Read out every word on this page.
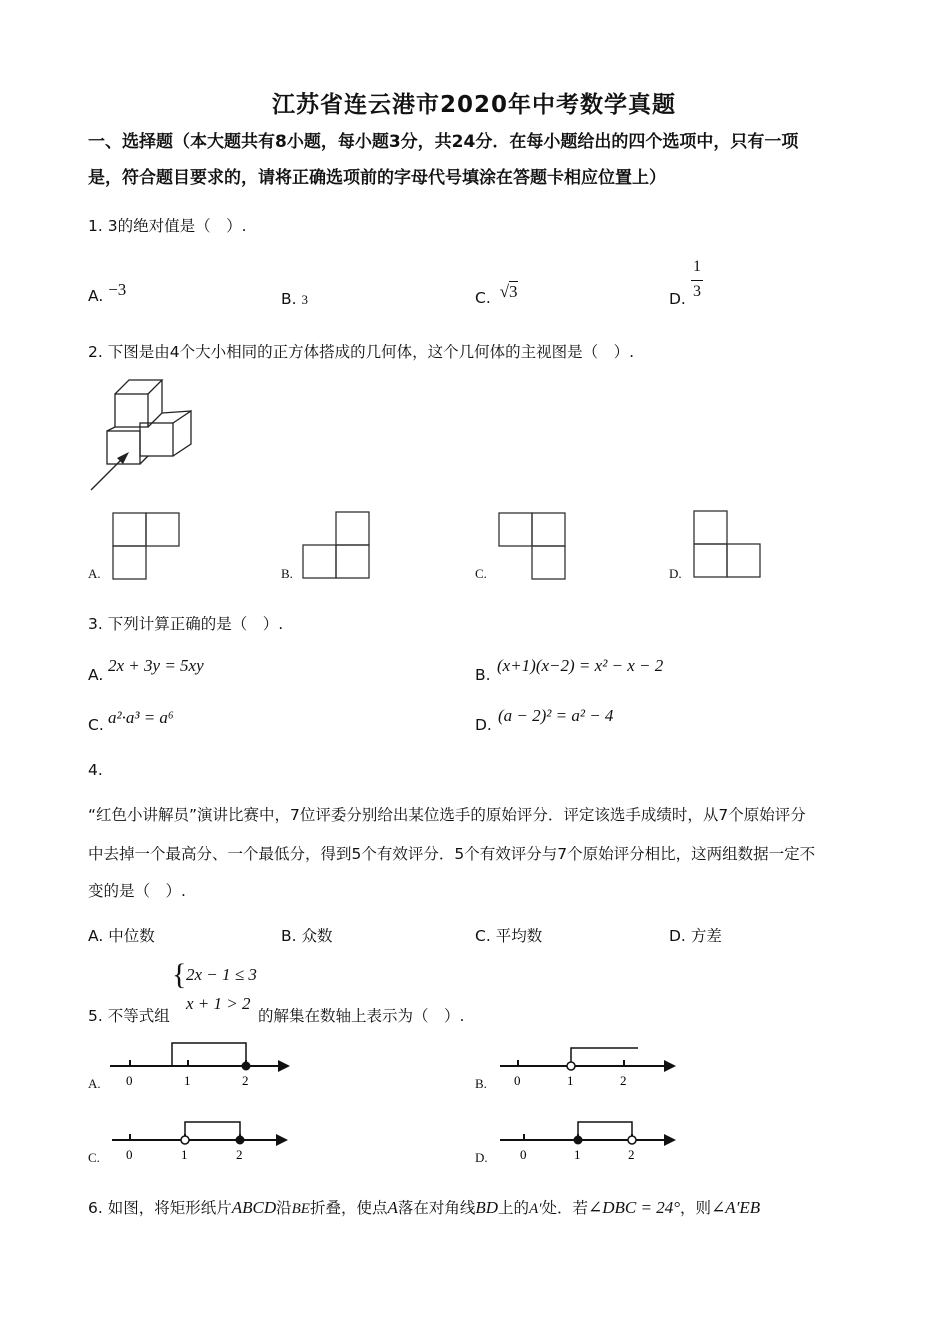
江苏省连云港市2020年中考数学真题
一、选择题（本大题共有8小题，每小题3分，共24分．在每小题给出的四个选项中，只有一项
是，符合题目要求的，请将正确选项前的字母代号填涂在答题卡相应位置上）
1. 3的绝对值是（　）.
A. −3	B. 3	C. √3	D.
1
3
2. 下图是由4个大小相同的正方体搭成的几何体，这个几何体的主视图是（　）.
A.	B.	C.	D.
3. 下列计算正确的是（　）.
A. 2x + 3y = 5xy	B. (x+1)(x−2) = x² − x − 2
C. a²·a³ = a⁶	D. (a − 2)² = a² − 4
4.
“红色小讲解员”演讲比赛中，7位评委分别给出某位选手的原始评分．评定该选手成绩时，从7个原始评分
中去掉一个最高分、一个最低分，得到5个有效评分．5个有效评分与7个原始评分相比，这两组数据一定不
变的是（　）.
A. 中位数	B. 众数	C. 平均数	D. 方差
5. 不等式组
{ 2x − 1 ≤ 3
x + 1 > 2
的解集在数轴上表示为（　）.
A. 0	1	2	B. 0	1	2
C. 0	1	2	D. 0	1	2
6. 如图，将矩形纸片ABCD沿BE折叠，使点A落在对角线BD上的A′处．若∠DBC = 24°，则∠A′EB
